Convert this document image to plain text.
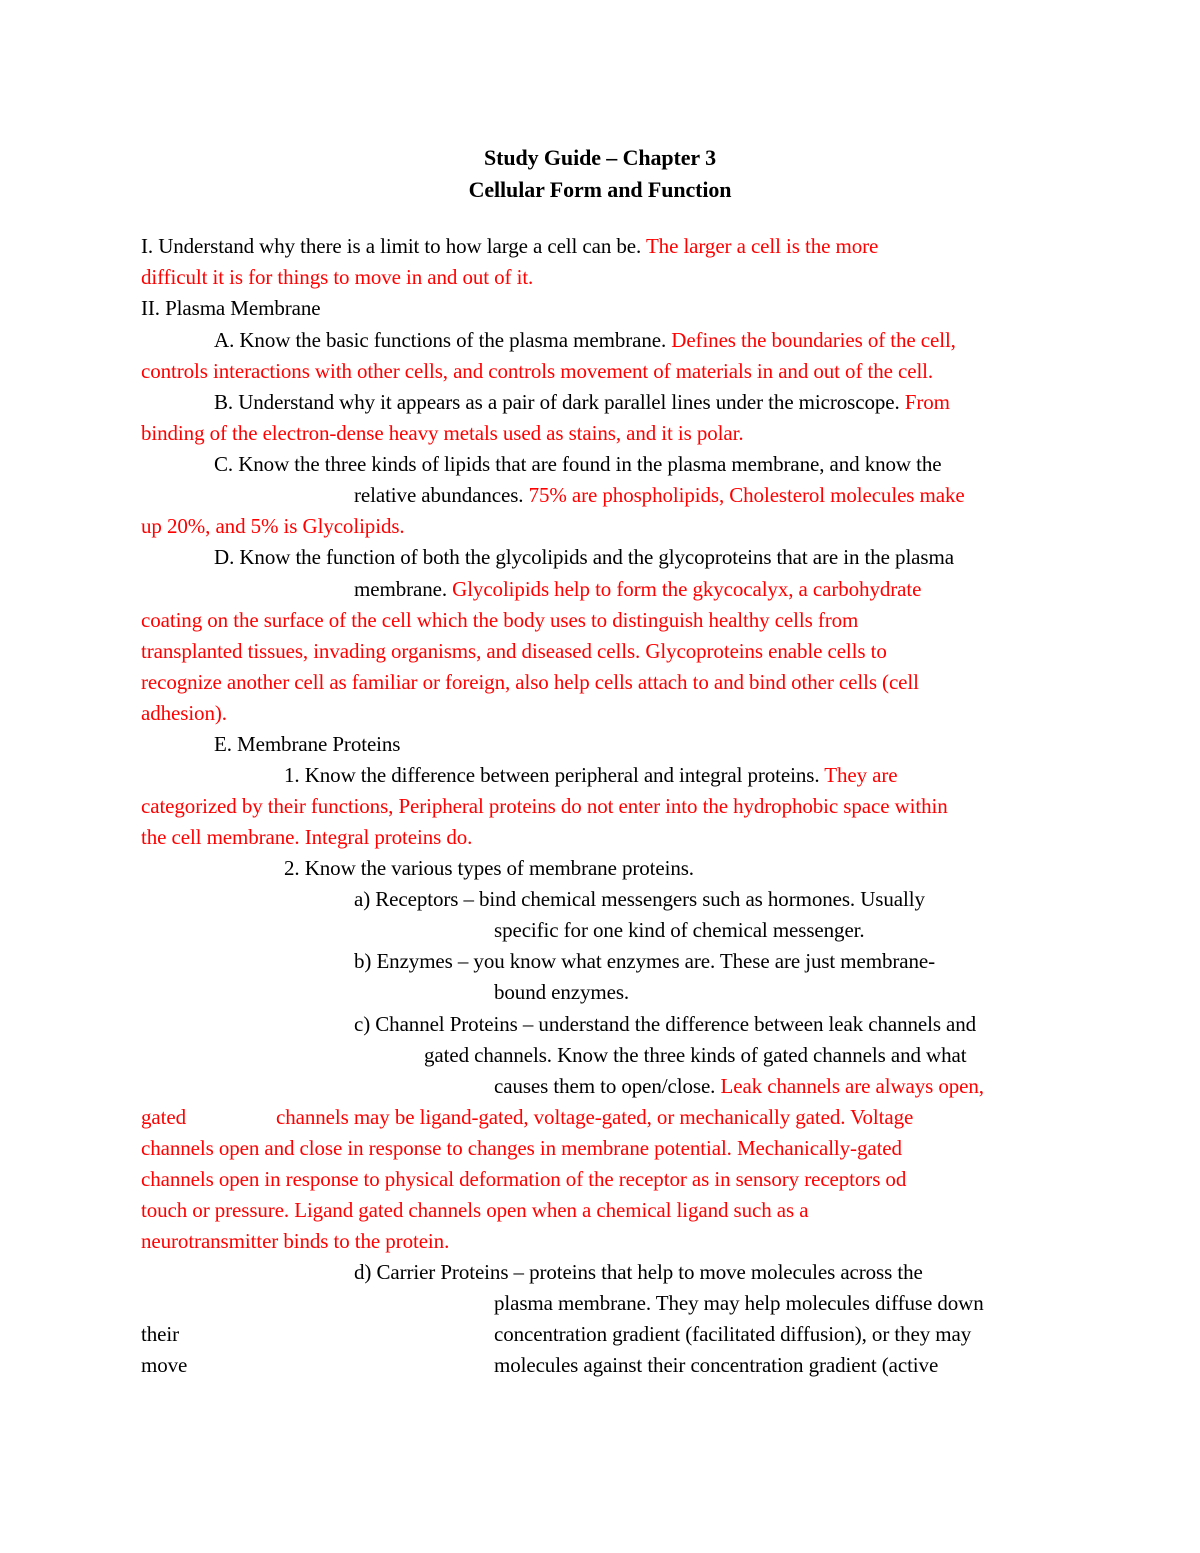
Study Guide – Chapter 3
Cellular Form and Function
I. Understand why there is a limit to how large a cell can be. The larger a cell is the more
difficult it is for things to move in and out of it.
II. Plasma Membrane
A. Know the basic functions of the plasma membrane. Defines the boundaries of the cell,
controls interactions with other cells, and controls movement of materials in and out of the cell.
B. Understand why it appears as a pair of dark parallel lines under the microscope. From
binding of the electron-dense heavy metals used as stains, and it is polar.
C. Know the three kinds of lipids that are found in the plasma membrane, and know the
relative abundances. 75% are phospholipids, Cholesterol molecules make
up 20%, and 5% is Glycolipids.
D. Know the function of both the glycolipids and the glycoproteins that are in the plasma
membrane. Glycolipids help to form the gkycocalyx, a carbohydrate
coating on the surface of the cell which the body uses to distinguish healthy cells from
transplanted tissues, invading organisms, and diseased cells. Glycoproteins enable cells to
recognize another cell as familiar or foreign, also help cells attach to and bind other cells (cell
adhesion).
E. Membrane Proteins
1. Know the difference between peripheral and integral proteins. They are
categorized by their functions, Peripheral proteins do not enter into the hydrophobic space within
the cell membrane. Integral proteins do.
2. Know the various types of membrane proteins.
a) Receptors – bind chemical messengers such as hormones. Usually
specific for one kind of chemical messenger.
b) Enzymes – you know what enzymes are. These are just membrane-
bound enzymes.
c) Channel Proteins – understand the difference between leak channels and
gated channels. Know the three kinds of gated channels and what
causes them to open/close. Leak channels are always open,
gated	channels may be ligand-gated, voltage-gated, or mechanically gated. Voltage
channels open and close in response to changes in membrane potential. Mechanically-gated
channels open in response to physical deformation of the receptor as in sensory receptors od
touch or pressure. Ligand gated channels open when a chemical ligand such as a
neurotransmitter binds to the protein.
d) Carrier Proteins – proteins that help to move molecules across the
plasma membrane. They may help molecules diffuse down
their	concentration gradient (facilitated diffusion), or they may
move	molecules against their concentration gradient (active
